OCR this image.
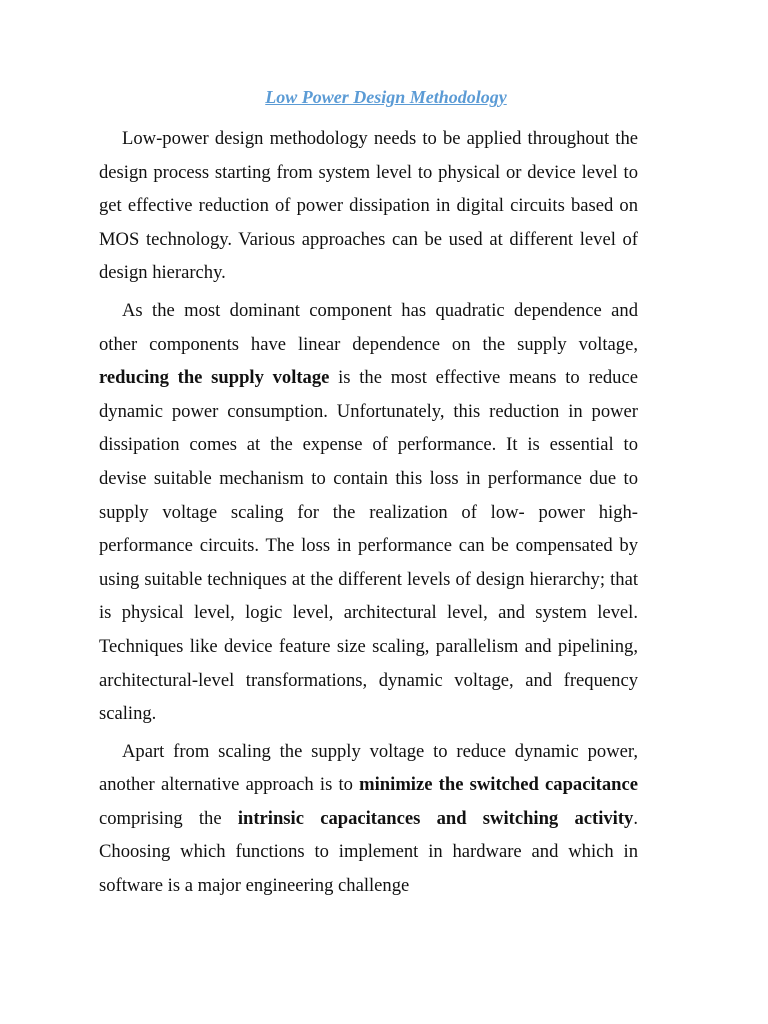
Low Power Design Methodology

Low-power design methodology needs to be applied throughout the design process starting from system level to physical or device level to get effective reduction of power dissipation in digital circuits based on MOS technology. Various approaches can be used at different level of design hierarchy.

As the most dominant component has quadratic dependence and other components have linear dependence on the supply voltage, reducing the supply voltage is the most effective means to reduce dynamic power consumption. Unfortunately, this reduction in power dissipation comes at the expense of performance. It is essential to devise suitable mechanism to contain this loss in performance due to supply voltage scaling for the realization of low- power high-performance circuits. The loss in performance can be compensated by using suitable techniques at the different levels of design hierarchy; that is physical level, logic level, architectural level, and system level. Techniques like device feature size scaling, parallelism and pipelining, architectural-level transformations, dynamic voltage, and frequency scaling.

Apart from scaling the supply voltage to reduce dynamic power, another alternative approach is to minimize the switched capacitance comprising the intrinsic capacitances and switching activity. Choosing which functions to implement in hardware and which in software is a major engineering challenge
